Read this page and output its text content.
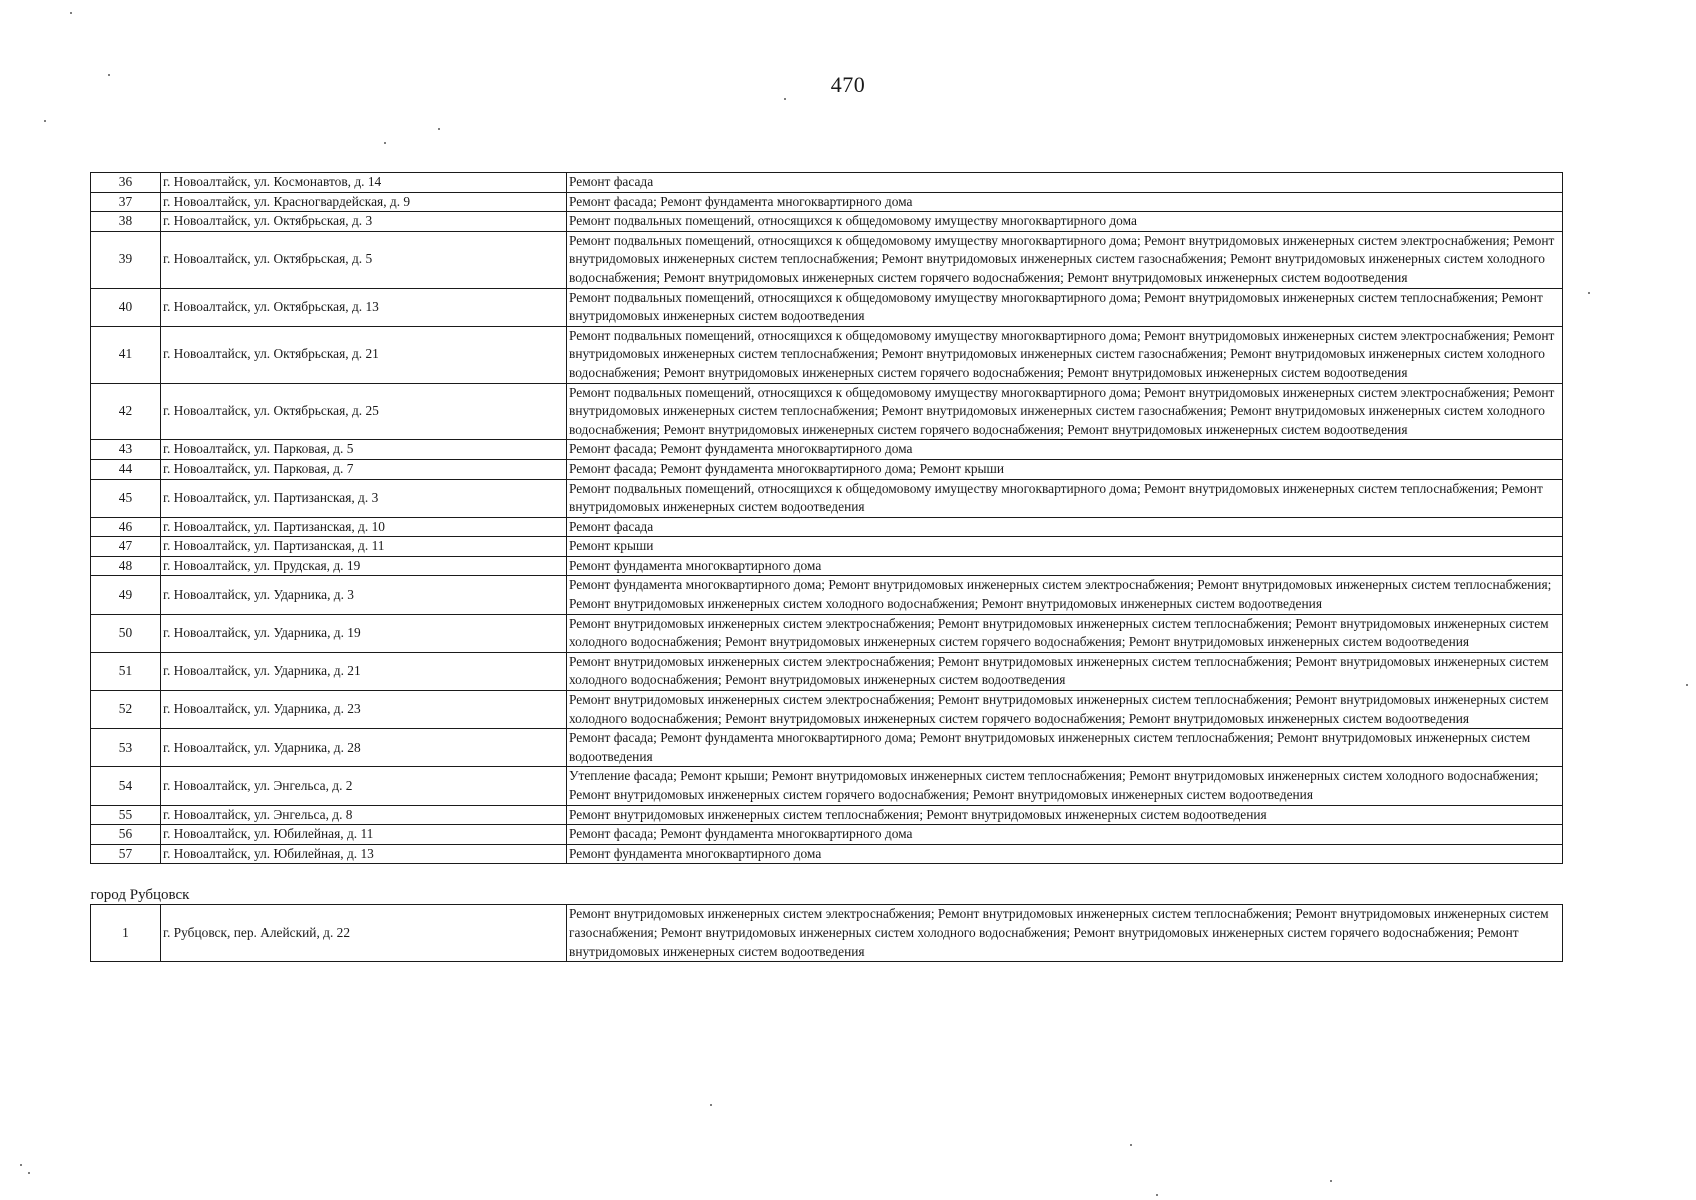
470
36	г. Новоалтайск, ул. Космонавтов, д. 14	Ремонт фасада
37	г. Новоалтайск, ул. Красногвардейская, д. 9	Ремонт фасада; Ремонт фундамента многоквартирного дома
38	г. Новоалтайск, ул. Октябрьская, д. 3	Ремонт подвальных помещений, относящихся к общедомовому имуществу многоквартирного дома
39	г. Новоалтайск, ул. Октябрьская, д. 5	Ремонт подвальных помещений, относящихся к общедомовому имуществу многоквартирного дома; Ремонт внутридомовых инженерных систем электроснабжения; Ремонт внутридомовых инженерных систем теплоснабжения; Ремонт внутридомовых инженерных систем газоснабжения; Ремонт внутридомовых инженерных систем холодного водоснабжения; Ремонт внутридомовых инженерных систем горячего водоснабжения; Ремонт внутридомовых инженерных систем водоотведения
40	г. Новоалтайск, ул. Октябрьская, д. 13	Ремонт подвальных помещений, относящихся к общедомовому имуществу многоквартирного дома; Ремонт внутридомовых инженерных систем теплоснабжения; Ремонт внутридомовых инженерных систем водоотведения
41	г. Новоалтайск, ул. Октябрьская, д. 21	Ремонт подвальных помещений, относящихся к общедомовому имуществу многоквартирного дома; Ремонт внутридомовых инженерных систем электроснабжения; Ремонт внутридомовых инженерных систем теплоснабжения; Ремонт внутридомовых инженерных систем газоснабжения; Ремонт внутридомовых инженерных систем холодного водоснабжения; Ремонт внутридомовых инженерных систем горячего водоснабжения; Ремонт внутридомовых инженерных систем водоотведения
42	г. Новоалтайск, ул. Октябрьская, д. 25	Ремонт подвальных помещений, относящихся к общедомовому имуществу многоквартирного дома; Ремонт внутридомовых инженерных систем электроснабжения; Ремонт внутридомовых инженерных систем теплоснабжения; Ремонт внутридомовых инженерных систем газоснабжения; Ремонт внутридомовых инженерных систем холодного водоснабжения; Ремонт внутридомовых инженерных систем горячего водоснабжения; Ремонт внутридомовых инженерных систем водоотведения
43	г. Новоалтайск, ул. Парковая, д. 5	Ремонт фасада; Ремонт фундамента многоквартирного дома
44	г. Новоалтайск, ул. Парковая, д. 7	Ремонт фасада; Ремонт фундамента многоквартирного дома; Ремонт крыши
45	г. Новоалтайск, ул. Партизанская, д. 3	Ремонт подвальных помещений, относящихся к общедомовому имуществу многоквартирного дома; Ремонт внутридомовых инженерных систем теплоснабжения; Ремонт внутридомовых инженерных систем водоотведения
46	г. Новоалтайск, ул. Партизанская, д. 10	Ремонт фасада
47	г. Новоалтайск, ул. Партизанская, д. 11	Ремонт крыши
48	г. Новоалтайск, ул. Прудская, д. 19	Ремонт фундамента многоквартирного дома
49	г. Новоалтайск, ул. Ударника, д. 3	Ремонт фундамента многоквартирного дома; Ремонт внутридомовых инженерных систем электроснабжения; Ремонт внутридомовых инженерных систем теплоснабжения; Ремонт внутридомовых инженерных систем холодного водоснабжения; Ремонт внутридомовых инженерных систем водоотведения
50	г. Новоалтайск, ул. Ударника, д. 19	Ремонт внутридомовых инженерных систем электроснабжения; Ремонт внутридомовых инженерных систем теплоснабжения; Ремонт внутридомовых инженерных систем холодного водоснабжения; Ремонт внутридомовых инженерных систем горячего водоснабжения; Ремонт внутридомовых инженерных систем водоотведения
51	г. Новоалтайск, ул. Ударника, д. 21	Ремонт внутридомовых инженерных систем электроснабжения; Ремонт внутридомовых инженерных систем теплоснабжения; Ремонт внутридомовых инженерных систем холодного водоснабжения; Ремонт внутридомовых инженерных систем водоотведения
52	г. Новоалтайск, ул. Ударника, д. 23	Ремонт внутридомовых инженерных систем электроснабжения; Ремонт внутридомовых инженерных систем теплоснабжения; Ремонт внутридомовых инженерных систем холодного водоснабжения; Ремонт внутридомовых инженерных систем горячего водоснабжения; Ремонт внутридомовых инженерных систем водоотведения
53	г. Новоалтайск, ул. Ударника, д. 28	Ремонт фасада; Ремонт фундамента многоквартирного дома; Ремонт внутридомовых инженерных систем теплоснабжения; Ремонт внутридомовых инженерных систем водоотведения
54	г. Новоалтайск, ул. Энгельса, д. 2	Утепление фасада; Ремонт крыши; Ремонт внутридомовых инженерных систем теплоснабжения; Ремонт внутридомовых инженерных систем холодного водоснабжения; Ремонт внутридомовых инженерных систем горячего водоснабжения; Ремонт внутридомовых инженерных систем водоотведения
55	г. Новоалтайск, ул. Энгельса, д. 8	Ремонт внутридомовых инженерных систем теплоснабжения; Ремонт внутридомовых инженерных систем водоотведения
56	г. Новоалтайск, ул. Юбилейная, д. 11	Ремонт фасада; Ремонт фундамента многоквартирного дома
57	г. Новоалтайск, ул. Юбилейная, д. 13	Ремонт фундамента многоквартирного дома
город Рубцовск		
1	г. Рубцовск, пер. Алейский, д. 22	Ремонт внутридомовых инженерных систем электроснабжения; Ремонт внутридомовых инженерных систем теплоснабжения; Ремонт внутридомовых инженерных систем газоснабжения; Ремонт внутридомовых инженерных систем холодного водоснабжения; Ремонт внутридомовых инженерных систем горячего водоснабжения; Ремонт внутридомовых инженерных систем водоотведения
